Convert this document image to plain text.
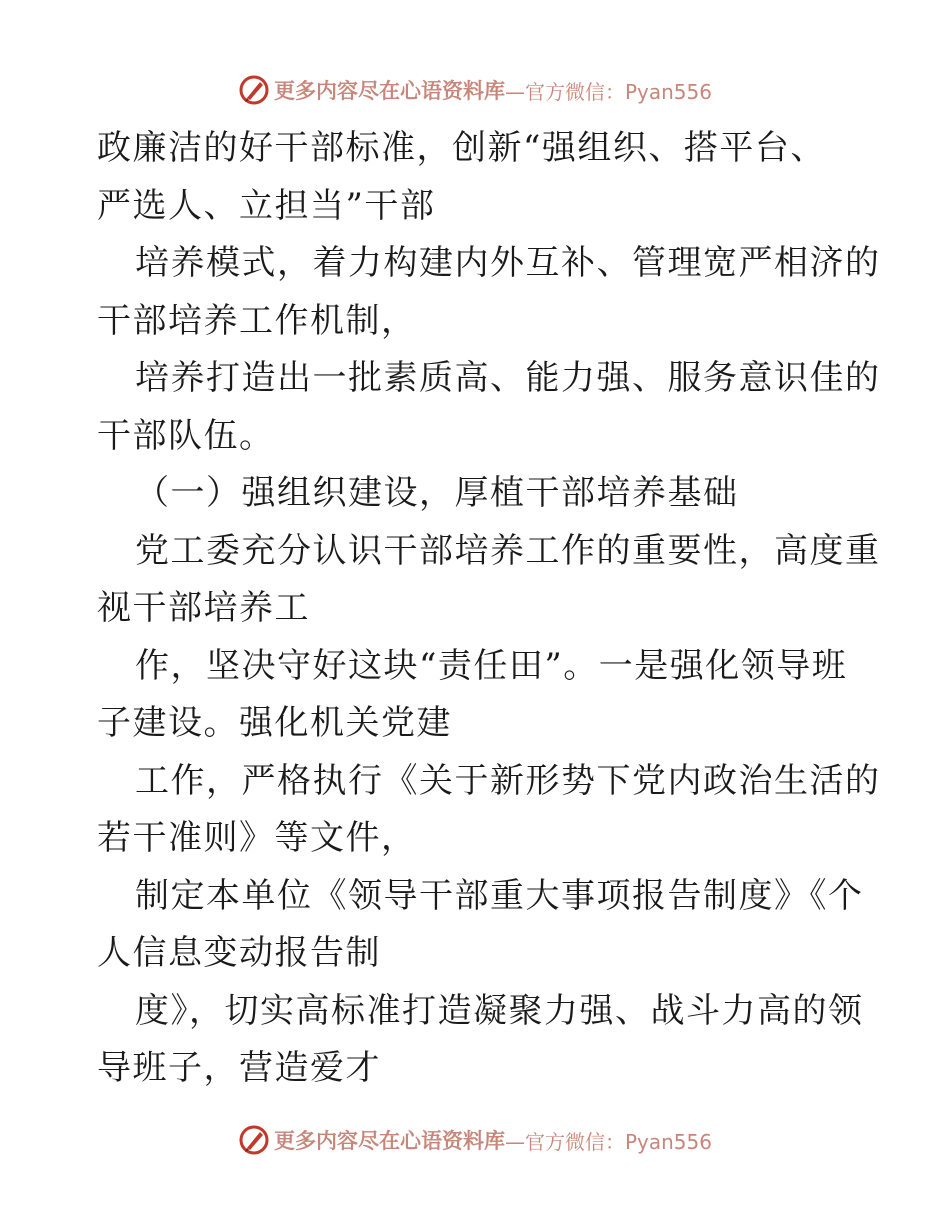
更多内容尽在心语资料库 —官方微信：Pyan556
政廉洁的好干部标准，创新“强组织、搭平台、
严选人、立担当”干部
培养模式，着力构建内外互补、管理宽严相济的
干部培养工作机制，
培养打造出一批素质高、能力强、服务意识佳的
干部队伍。
（一）强组织建设，厚植干部培养基础
党工委充分认识干部培养工作的重要性，高度重
视干部培养工
作，坚决守好这块“责任田”。一是强化领导班
子建设。强化机关党建
工作，严格执行《关于新形势下党内政治生活的
若干准则》等文件，
制定本单位《领导干部重大事项报告制度》《个
人信息变动报告制
度》，切实高标准打造凝聚力强、战斗力高的领
导班子，营造爱才
更多内容尽在心语资料库 —官方微信：Pyan556
